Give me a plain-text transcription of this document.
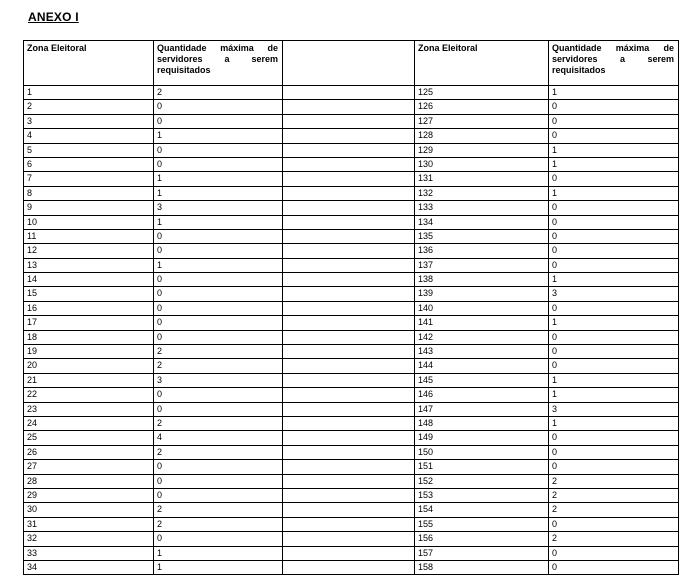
ANEXO I
Zona Eleitoral	Quantidade máxima de servidores a serem requisitados		Zona Eleitoral	Quantidade máxima de servidores a serem requisitados
1	2		125	1
2	0		126	0
3	0		127	0
4	1		128	0
5	0		129	1
6	0		130	1
7	1		131	0
8	1		132	1
9	3		133	0
10	1		134	0
11	0		135	0
12	0		136	0
13	1		137	0
14	0		138	1
15	0		139	3
16	0		140	0
17	0		141	1
18	0		142	0
19	2		143	0
20	2		144	0
21	3		145	1
22	0		146	1
23	0		147	3
24	2		148	1
25	4		149	0
26	2		150	0
27	0		151	0
28	0		152	2
29	0		153	2
30	2		154	2
31	2		155	0
32	0		156	2
33	1		157	0
34	1		158	0
